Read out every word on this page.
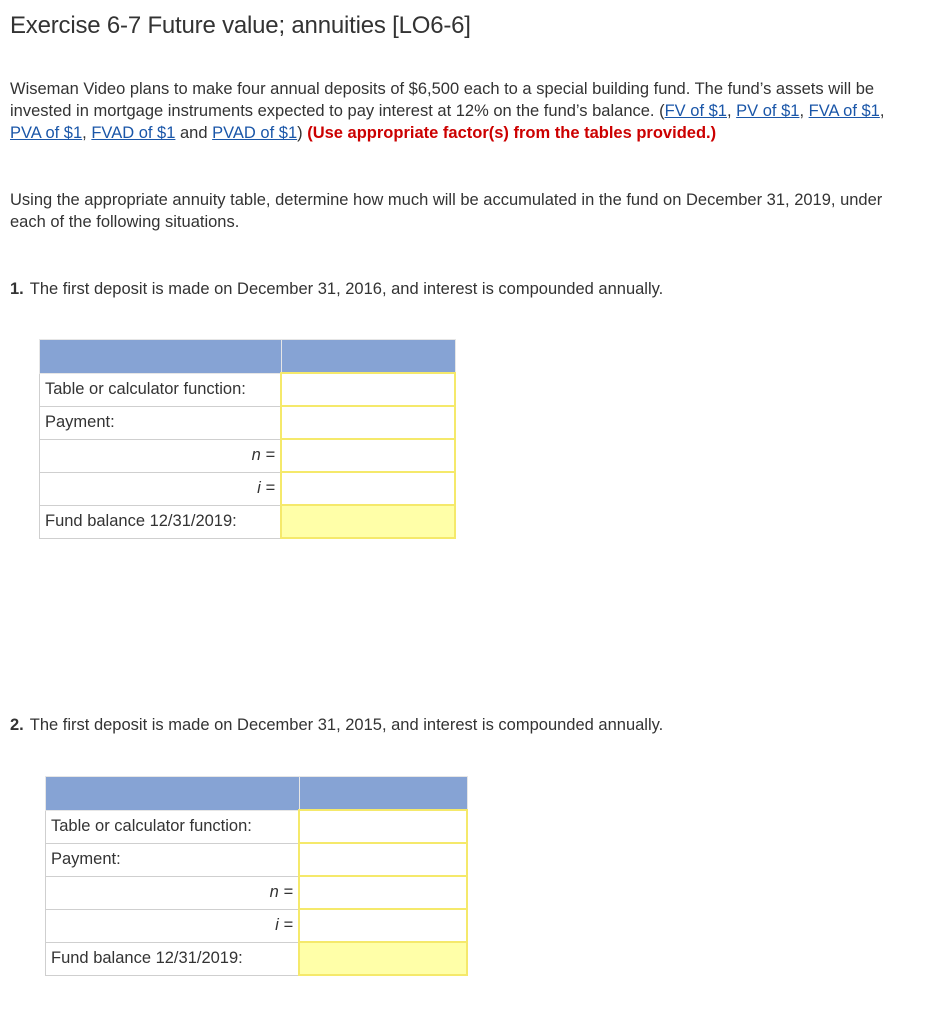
Exercise 6-7 Future value; annuities [LO6-6]

Wiseman Video plans to make four annual deposits of $6,500 each to a special building fund. The fund’s assets will be invested in mortgage instruments expected to pay interest at 12% on the fund’s balance. (FV of $1, PV of $1, FVA of $1, PVA of $1, FVAD of $1 and PVAD of $1) (Use appropriate factor(s) from the tables provided.)

Using the appropriate annuity table, determine how much will be accumulated in the fund on December 31, 2019, under each of the following situations.

1. The first deposit is made on December 31, 2016, and interest is compounded annually.

Table or calculator function:	
Payment:	
n =	
i =	
Fund balance 12/31/2019:	

2. The first deposit is made on December 31, 2015, and interest is compounded annually.

Table or calculator function:	
Payment:	
n =	
i =	
Fund balance 12/31/2019:	
